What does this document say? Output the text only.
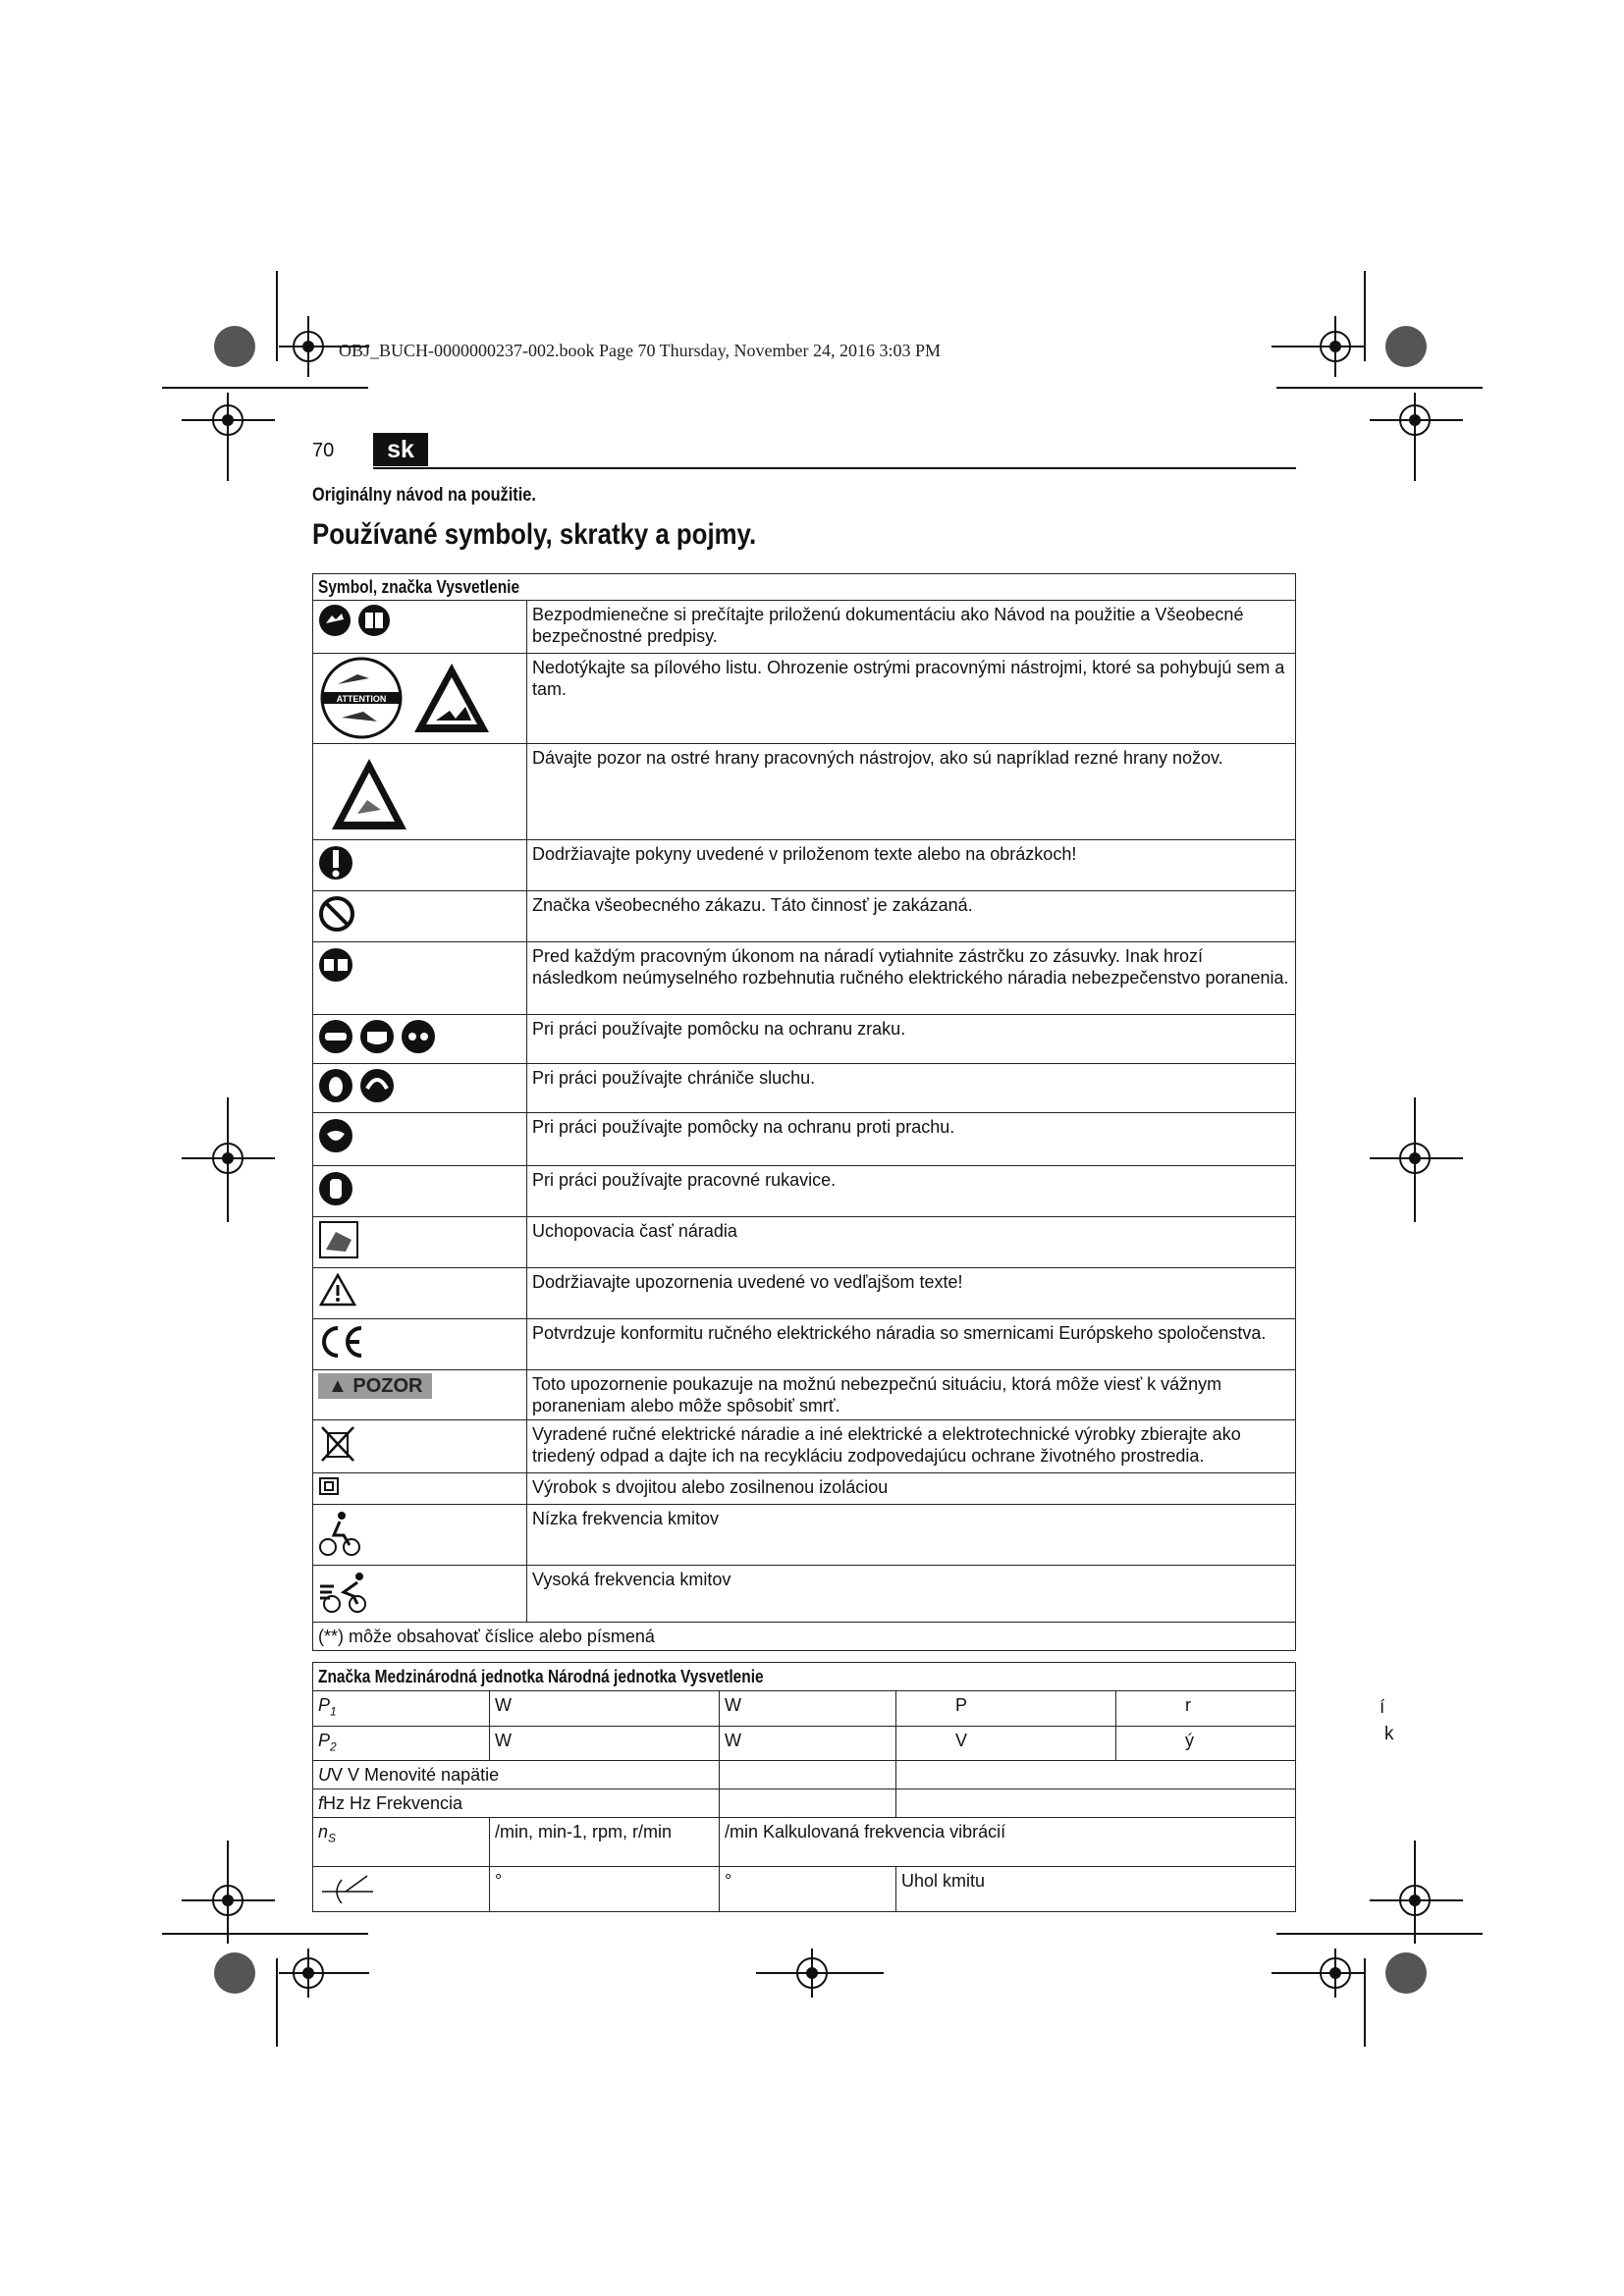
OBJ_BUCH-0000000237-002.book Page 70 Thursday, November 24, 2016 3:03 PM
70	sk
Originálny návod na použitie.
Používané symboly, skratky a pojmy.
Symbol, značka Vysvetlenie	

	Bezpodmienečne si prečítajte priloženú dokumentáciu ako Návod na použitie a Všeobecné bezpečnostné predpisy.

ATTENTION	Nedotýkajte sa pílového listu. Ohrozenie ostrými pracovnými nástrojmi, ktoré sa pohybujú sem a tam.

	Dávajte pozor na ostré hrany pracovných nástrojov, ako sú napríklad rezné hrany nožov.
	Dodržiavajte pokyny uvedené v priloženom texte alebo na obrázkoch!
	Značka všeobecného zákazu. Táto činnosť je zakázaná.
	Pred každým pracovným úkonom na náradí vytiahnite zástrčku zo zásuvky. Inak hrozí následkom neúmyselného rozbehnutia ručného elektrického náradia nebezpečenstvo poranenia.

	Pri práci používajte pomôcku na ochranu zraku.

	Pri práci používajte chrániče sluchu.
	Pri práci používajte pomôcky na ochranu proti prachu.
	Pri práci používajte pracovné rukavice.
	Uchopovacia časť náradia
	Dodržiavajte upozornenia uvedené vo vedľajšom texte!
	Potvrdzuje konformitu ručného elektrického náradia so smernicami Európskeho spoločenstva.
▲ POZOR	Toto upozornenie poukazuje na možnú nebezpečnú situáciu, ktorá môže viesť k vážnym poraneniam alebo môže spôsobiť smrť.
	Vyradené ručné elektrické náradie a iné elektrické a elektrotechnické výrobky zbierajte ako triedený odpad a dajte ich na recykláciu zodpovedajúcu ochrane životného prostredia.
	Výrobok s dvojitou alebo zosilnenou izoláciou
	Nízka frekvencia kmitov
	Vysoká frekvencia kmitov
(**) môže obsahovať číslice alebo písmená	
Značka Medzinárodná jednotka Národná jednotka Vysvetlenie				
$P_1$	W	W	P	r
$P_2$	W	W	V	ý
UV V Menovité napätie				
fHz Hz Frekvencia				
$n_S$	/min, min-1, rpm, r/min	/min Kalkulovaná frekvencia vibrácií		
	°	°	Uhol kmitu	
í
k
